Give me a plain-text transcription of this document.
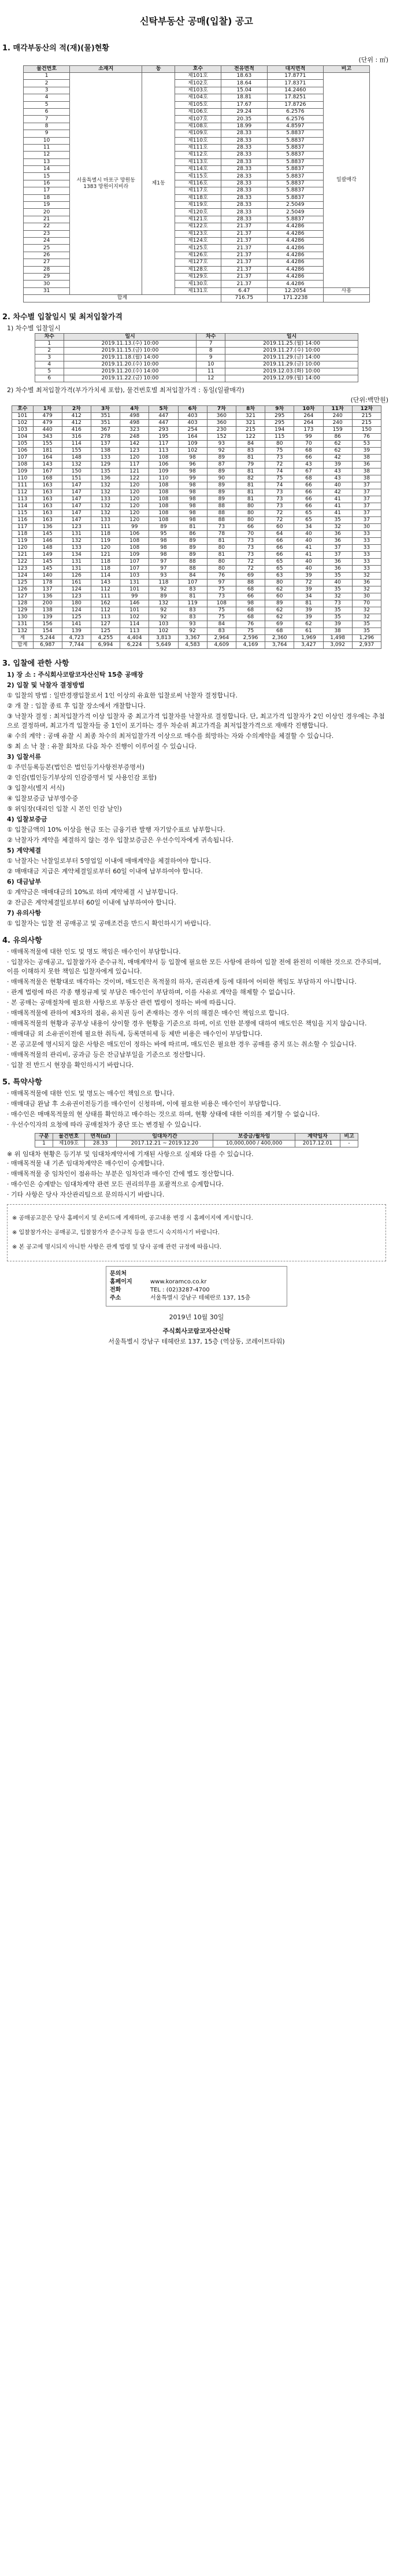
신탁부동산 공매(입찰) 공고
1. 매각부동산의 적(재)(물)현황
(단위 : ㎡)
물건번호	소재지	동	호수	전유면적	대지면적	비고
1	서울특별시 마포구 망원동 1383 망원이지비라	제1동	제101호	18.63	17.8771	일괄매각
2			제102호	18.64	17.8371	
3			제103호	15.04	14.2460	
4			제104호	18.81	17.8251	
5			제105호	17.67	17.8726	
6			제106호	29.24	6.2576	
7			제107호	20.35	6.2576	
8			제108호	18.99	4.8597	
9			제109호	28.33	5.8837	
10			제110호	28.33	5.8837	
11			제111호	28.33	5.8837	
12			제112호	28.33	5.8837	
13			제113호	28.33	5.8837	
14			제114호	28.33	5.8837	
15			제115호	28.33	5.8837	
16			제116호	28.33	5.8837	
17			제117호	28.33	5.8837	
18			제118호	28.33	5.8837	
19			제119호	28.33	2.5049	
20			제120호	28.33	2.5049	
21			제121호	28.33	5.8837	
22			제122호	21.37	4.4286	
23			제123호	21.37	4.4286	
24			제124호	21.37	4.4286	
25			제125호	21.37	4.4286	
26			제126호	21.37	4.4286	
27			제127호	21.37	4.4286	
28			제128호	21.37	4.4286	
29			제129호	21.37	4.4286	
30			제130호	21.37	4.4286	
31			제131호	6.47	12.2054	사용
합계				716.75	171.2238	
2. 차수별 입찰일시 및 최저입찰가격
1) 차수별 입찰일시
차수	일시	차수	일시
1	2019.11.13.(수) 10:00	7	2019.11.25.(월) 14:00
2	2019.11.15.(금) 10:00	8	2019.11.27.(수) 10:00
3	2019.11.18.(월) 14:00	9	2019.11.29.(금) 14:00
4	2019.11.20.(수) 10:00	10	2019.11.29.(금) 10:00
5	2019.11.20.(수) 14:00	11	2019.12.03.(화) 10:00
6	2019.11.22.(금) 10:00	12	2019.12.09.(월) 14:00
2) 차수별 최저입찰가격(부가가치세 포함), 물건번호별 최저입찰가격 : 동일(일괄매각)
(단위:백만원)
호수	1차	2차	3차	4차	5차	6차	7차	8차	9차	10차	11차	12차
101	479	412	351	498	447	403	360	321	295	264	240	215
102	479	412	351	498	447	403	360	321	295	264	240	215
103	440	416	367	323	293	254	230	215	194	173	159	150
104	343	316	278	248	195	164	152	122	115	99	86	76
105	155	114	137	142	117	109	93	84	80	70	62	53
106	181	155	138	123	113	102	92	83	75	68	62	39
107	164	148	133	120	108	98	89	81	73	66	42	38
108	143	132	129	117	106	96	87	79	72	43	39	36
109	167	150	135	121	109	98	89	81	74	67	43	38
110	168	151	136	122	110	99	90	82	75	68	43	38
111	163	147	132	120	108	98	89	81	74	66	40	37
112	163	147	132	120	108	98	89	81	73	66	42	37
113	163	147	133	120	108	98	89	81	73	66	41	37
114	163	147	132	120	108	98	88	80	73	66	41	37
115	163	147	132	120	108	98	88	80	72	65	41	37
116	163	147	133	120	108	98	88	80	72	65	35	37
117	136	123	111	99	89	81	73	66	60	34	32	30
118	145	131	118	106	95	86	78	70	64	40	36	33
119	146	132	119	108	98	89	81	73	66	40	36	33
120	148	133	120	108	98	89	80	73	66	41	37	33
121	149	134	121	109	98	89	81	73	66	41	37	33
122	145	131	118	107	97	88	80	72	65	40	36	33
123	145	131	118	107	97	88	80	72	65	40	36	33
124	140	126	114	103	93	84	76	69	63	39	35	32
125	178	161	143	131	118	107	97	88	80	72	40	36
126	137	124	112	101	92	83	75	68	62	39	35	32
127	136	123	111	99	89	81	73	66	60	34	32	30
128	200	180	162	146	132	119	108	98	89	81	73	70
129	138	124	112	101	92	83	75	68	62	39	35	32
130	139	125	113	102	92	83	75	68	62	39	35	32
131	156	141	127	114	103	93	84	76	69	62	39	35
132	154	139	125	113	102	92	83	75	68	61	38	35
계	5,244	4,723	4,255	4,404	3,813	3,367	2,964	2,596	2,360	1,969	1,498	1,296
합계	6,987	7,744	6,994	6,224	5,649	4,583	4,609	4,169	3,764	3,427	3,092	2,937
3. 입찰에 관한 사항

1) 장 소 : 주식회사코람코자산신탁 15층 공매장

2) 입찰 및 낙찰자 결정방법

① 입찰의 방법 : 일반경쟁입찰로서 1인 이상의 유효한 입찰로써 낙찰자 결정합니다.

② 개 찰 : 입찰 종료 후 입찰 장소에서 개찰합니다.

③ 낙찰자 결정 : 최저입찰가격 이상 입찰자 중 최고가격 입찰자를 낙찰자로 결정합니다. 단, 최고가격 입찰자가 2인 이상인 경우에는 추첨으로 결정하며, 최고가격 입찰자들 중 1인이 포기하는 경우 차순위 최고가격을 최저입찰가격으로 재매각 진행합니다.

④ 수의 계약 : 공매 유찰 시 최종 차수의 최저입찰가격 이상으로 매수를 희망하는 자와 수의계약을 체결할 수 있습니다.

⑤ 최 소 낙 찰 : 유찰 회차로 다음 차수 진행이 이루어질 수 있습니다.

3) 입찰서류

① 주민등록등본(법인은 법인등기사항전부증명서)

② 인감(법인등기부상의 인감증명서 및 사용인감 포함)

③ 입찰서(별지 서식)

④ 입찰보증금 납부영수증

⑤ 위임장(대리인 입찰 시 본인 인감 날인)

4) 입찰보증금

① 입찰금액의 10% 이상을 현금 또는 금융기관 발행 자기앞수표로 납부합니다.

② 낙찰자가 계약을 체결하지 않는 경우 입찰보증금은 우선수익자에게 귀속됩니다.

5) 계약체결

① 낙찰자는 낙찰일로부터 5영업일 이내에 매매계약을 체결하여야 합니다.

② 매매대금 지급은 계약체결일로부터 60일 이내에 납부하여야 합니다.

6) 대금납부

① 계약금은 매매대금의 10%로 하며 계약체결 시 납부합니다.

② 잔금은 계약체결일로부터 60일 이내에 납부하여야 합니다.

7) 유의사항

① 입찰자는 입찰 전 공매공고 및 공매조건을 반드시 확인하시기 바랍니다.

4. 유의사항

· 매매목적물에 대한 인도 및 명도 책임은 매수인이 부담합니다.

· 입찰자는 공매공고, 입찰참가자 준수규칙, 매매계약서 등 입찰에 필요한 모든 사항에 관하여 입찰 전에 완전히 이해한 것으로 간주되며, 이를 이해하지 못한 책임은 입찰자에게 있습니다.

· 매매목적물은 현황대로 매각하는 것이며, 매도인은 목적물의 하자, 권리관계 등에 대하여 어떠한 책임도 부담하지 아니합니다.

· 관계 법령에 따른 각종 행정규제 및 부담은 매수인이 부담하며, 이를 사유로 계약을 해제할 수 없습니다.

· 본 공매는 공매절차에 필요한 사항으로 부동산 관련 법령이 정하는 바에 따릅니다.

· 매매목적물에 관하여 제3자의 점유, 유치권 등이 존재하는 경우 이의 해결은 매수인 책임으로 합니다.

· 매매목적물의 현황과 공부상 내용이 상이할 경우 현황을 기준으로 하며, 이로 인한 분쟁에 대하여 매도인은 책임을 지지 않습니다.

· 매매대금 외 소유권이전에 필요한 취득세, 등록면허세 등 제반 비용은 매수인이 부담합니다.

· 본 공고문에 명시되지 않은 사항은 매도인이 정하는 바에 따르며, 매도인은 필요한 경우 공매를 중지 또는 취소할 수 있습니다.

· 매매목적물의 관리비, 공과금 등은 잔금납부일을 기준으로 정산합니다.

· 입찰 전 반드시 현장을 확인하시기 바랍니다.

5. 특약사항

· 매매목적물에 대한 인도 및 명도는 매수인 책임으로 합니다.

· 매매대금 완납 후 소유권이전등기를 매수인이 신청하며, 이에 필요한 비용은 매수인이 부담합니다.

· 매수인은 매매목적물의 현 상태를 확인하고 매수하는 것으로 하며, 현황 상태에 대한 이의를 제기할 수 없습니다.

· 우선수익자의 요청에 따라 공매절차가 중단 또는 변경될 수 있습니다.

구분	물건번호	면적(㎡)	임대차기간	보증금/월차임	계약일자	비고
1	제109호	28.33	2017.12.21 ~ 2019.12.20	10,000,000 / 400,000	2017.12.01	-
※ 위 임대차 현황은 등기부 및 임대차계약서에 기재된 사항으로 실제와 다를 수 있습니다.

· 매매목적물 내 기존 임대차계약은 매수인이 승계합니다.

· 매매목적물 중 임차인이 점유하는 부분은 임차인과 매수인 간에 별도 정산합니다.

· 매수인은 승계받는 임대차계약 관련 모든 권리의무를 포괄적으로 승계합니다.

· 기타 사항은 당사 자산관리팀으로 문의하시기 바랍니다.

※ 공매공고문은 당사 홈페이지 및 온비드에 게재하며, 공고내용 변경 시 홈페이지에 게시합니다.

※ 입찰참가자는 공매공고, 입찰참가자 준수규칙 등을 반드시 숙지하시기 바랍니다.

※ 본 공고에 명시되지 아니한 사항은 관계 법령 및 당사 공매 관련 규정에 따릅니다.

문의처
홈페이지	www.koramco.co.kr
전화	TEL : (02)3287-4700
주소	서울특별시 강남구 테헤란로 137, 15층
2019년 10월 30일
주식회사코람코자산신탁
서울특별시 강남구 테헤란로 137, 15층 (역삼동, 코레이트타워)
